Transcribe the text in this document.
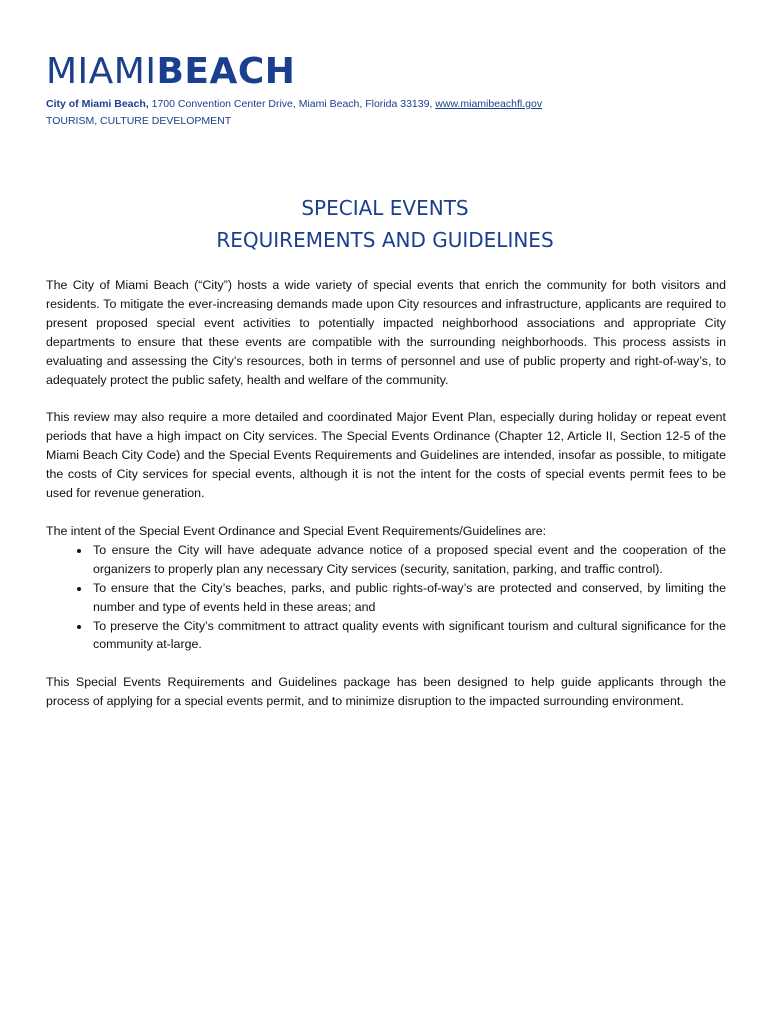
MIAMIBEACH
City of Miami Beach, 1700 Convention Center Drive, Miami Beach, Florida 33139, www.miamibeachfl.gov
TOURISM, CULTURE DEVELOPMENT
SPECIAL EVENTS
REQUIREMENTS AND GUIDELINES

The City of Miami Beach (“City”) hosts a wide variety of special events that enrich the community for both visitors and residents. To mitigate the ever-increasing demands made upon City resources and infrastructure, applicants are required to present proposed special event activities to potentially impacted neighborhood associations and appropriate City departments to ensure that these events are compatible with the surrounding neighborhoods. This process assists in evaluating and assessing the City’s resources, both in terms of personnel and use of public property and right-of-way’s, to adequately protect the public safety, health and welfare of the community.

This review may also require a more detailed and coordinated Major Event Plan, especially during holiday or repeat event periods that have a high impact on City services. The Special Events Ordinance (Chapter 12, Article II, Section 12-5 of the Miami Beach City Code) and the Special Events Requirements and Guidelines are intended, insofar as possible, to mitigate the costs of City services for special events, although it is not the intent for the costs of special events permit fees to be used for revenue generation.

The intent of the Special Event Ordinance and Special Event Requirements/Guidelines are:

• To ensure the City will have adequate advance notice of a proposed special event and the cooperation of the organizers to properly plan any necessary City services (security, sanitation, parking, and traffic control).
• To ensure that the City’s beaches, parks, and public rights-of-way’s are protected and conserved, by limiting the number and type of events held in these areas; and
• To preserve the City’s commitment to attract quality events with significant tourism and cultural significance for the community at-large.

This Special Events Requirements and Guidelines package has been designed to help guide applicants through the process of applying for a special events permit, and to minimize disruption to the impacted surrounding environment.
